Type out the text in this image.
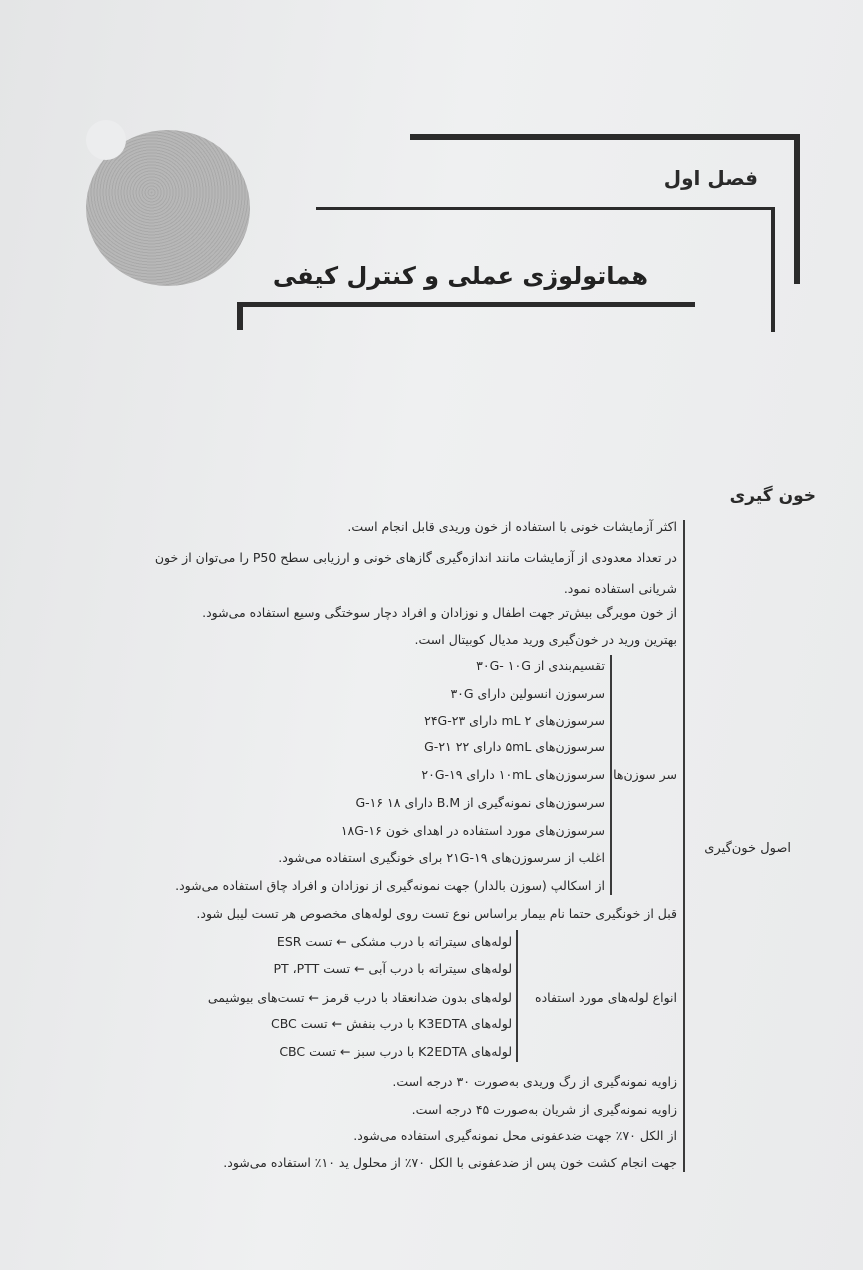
فصل اول
هماتولوژی عملی و کنترل کیفی
خون گیری
اصول خون‌گیری
اکثر آزمایشات خونی با استفاده از خون وریدی قابل انجام است.
در تعداد معدودی از آزمایشات مانند اندازه‌گیری گازهای خونی و ارزیابی سطح P50 را می‌توان از خون
شریانی استفاده نمود.
از خون مویرگی بیش‌تر جهت اطفال و نوزادان و افراد دچار سوختگی وسیع استفاده می‌شود.
بهترین ورید در خون‌گیری ورید مدیال کوبیتال است.
سر سوزن‌ها
تقسیم‌بندی از ۳۰G- ۱۰G
سرسوزن انسولین دارای ۳۰G
سرسوزن‌های ۲ mL دارای ۲۴G-۲۳
سرسوزن‌های ۵mL دارای ۲۲ G-۲۱
سرسوزن‌های ۱۰mL دارای ۲۰G-۱۹
سرسوزن‌های نمونه‌گیری از B.M دارای ۱۸ G-۱۶
سرسوزن‌های مورد استفاده در اهدای خون ۱۸G-۱۶
اغلب از سرسوزن‌های ۲۱G-۱۹ برای خونگیری استفاده می‌شود.
از اسکالپ (سوزن بالدار) جهت نمونه‌گیری از نوزادان و افراد چاق استفاده می‌شود.
قبل از خونگیری حتما نام بیمار براساس نوع تست روی لوله‌های مخصوص هر تست لیبل شود.
انواع لوله‌های مورد استفاده
لوله‌های سیتراته با درب مشکی ← تست ESR
لوله‌های سیتراته با درب آبی ← تست PT ،PTT
لوله‌های بدون ضدانعقاد با درب قرمز ← تست‌های بیوشیمی
لوله‌های K3EDTA با درب بنفش ← تست CBC
لوله‌های K2EDTA با درب سبز ← تست CBC
زاویه نمونه‌گیری از رگ وریدی به‌صورت ۳۰ درجه است.
زاویه نمونه‌گیری از شریان به‌صورت ۴۵ درجه است.
از الکل ۷۰٪ جهت ضدعفونی محل نمونه‌گیری استفاده می‌شود.
جهت انجام کشت خون پس از ضدعفونی با الکل ۷۰٪ از محلول ید ۱۰٪ استفاده می‌شود.
